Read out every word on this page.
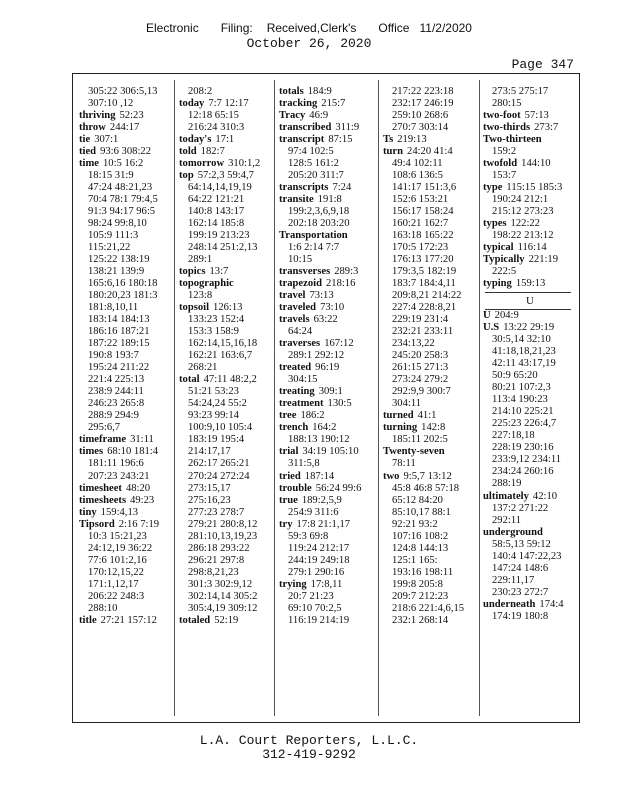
Electronic Filing: Received,Clerk's Office 11/2/2020
October 26, 2020
Page 347
305:22 306:5,13
307:10 ,12
thriving 52:23
throw 244:17
tie 307:1
tied 93:6 308:22
time 10:5 16:2
18:15 31:9
47:24 48:21,23
70:4 78:1 79:4,5
91:3 94:17 96:5
98:24 99:8,10
105:9 111:3
115:21,22
125:22 138:19
138:21 139:9
165:6,16 180:18
180:20,23 181:3
181:8,10,11
183:14 184:13
186:16 187:21
187:22 189:15
190:8 193:7
195:24 211:22
221:4 225:13
238:9 244:11
246:23 265:8
288:9 294:9
295:6,7
timeframe 31:11
times 68:10 181:4
181:11 196:6
207:23 243:21
timesheet 48:20
timesheets 49:23
tiny 159:4,13
Tipsord 2:16 7:19
10:3 15:21,23
24:12,19 36:22
77:6 101:2,16
170:12,15,22
171:1,12,17
206:22 248:3
288:10
title 27:21 157:12
208:2
today 7:7 12:17
12:18 65:15
216:24 310:3
today's 17:1
told 182:7
tomorrow 310:1,2
top 57:2,3 59:4,7
64:14,14,19,19
64:22 121:21
140:8 143:17
162:14 185:8
199:19 213:23
248:14 251:2,13
289:1
topics 13:7
topographic
123:8
topsoil 126:13
133:23 152:4
153:3 158:9
162:14,15,16,18
162:21 163:6,7
268:21
total 47:11 48:2,2
51:21 53:23
54:24,24 55:2
93:23 99:14
100:9,10 105:4
183:19 195:4
214:17,17
262:17 265:21
270:24 272:24
273:15,17
275:16,23
277:23 278:7
279:21 280:8,12
281:10,13,19,23
286:18 293:22
296:21 297:8
298:8,21,23
301:3 302:9,12
302:14,14 305:2
305:4,19 309:12
totaled 52:19
totals 184:9
tracking 215:7
Tracy 46:9
transcribed 311:9
transcript 87:15
97:4 102:5
128:5 161:2
205:20 311:7
transcripts 7:24
transite 191:8
199:2,3,6,9,18
202:18 203:20
Transportation
1:6 2:14 7:7
10:15
transverses 289:3
trapezoid 218:16
travel 73:13
traveled 73:10
travels 63:22
64:24
traverses 167:12
289:1 292:12
treated 96:19
304:15
treating 309:1
treatment 130:5
tree 186:2
trench 164:2
188:13 190:12
trial 34:19 105:10
311:5,8
tried 187:14
trouble 56:24 99:6
true 189:2,5,9
254:9 311:6
try 17:8 21:1,17
59:3 69:8
119:24 212:17
244:19 249:18
279:1 290:16
trying 17:8,11
20:7 21:23
69:10 70:2,5
116:19 214:19
217:22 223:18
232:17 246:19
259:10 268:6
270:7 303:14
Ts 219:13
turn 24:20 41:4
49:4 102:11
108:6 136:5
141:17 151:3,6
152:6 153:21
156:17 158:24
160:21 162:7
163:18 165:22
170:5 172:23
176:13 177:20
179:3,5 182:19
183:7 184:4,11
209:8,21 214:22
227:4 228:8,21
229:19 231:4
232:21 233:11
234:13,22
245:20 258:3
261:15 271:3
273:24 279:2
292:9,9 300:7
304:11
turned 41:1
turning 142:8
185:11 202:5
Twenty-seven
78:11
two 9:5,7 13:12
45:8 46:8 57:18
65:12 84:20
85:10,17 88:1
92:21 93:2
107:16 108:2
124:8 144:13
125:1 165:
193:16 198:11
199:8 205:8
209:7 212:23
218:6 221:4,6,15
232:1 268:14
273:5 275:17
280:15
two-foot 57:13
two-thirds 273:7
Two-thirteen
159:2
twofold 144:10
153:7
type 115:15 185:3
190:24 212:1
215:12 273:23
types 122:22
198:22 213:12
typical 116:14
Typically 221:19
222:5
typing 159:13
U
U 204:9
U.S 13:22 29:19
30:5,14 32:10
41:18,18,21,23
42:11 43:17,19
50:9 65:20
80:21 107:2,3
113:4 190:23
214:10 225:21
225:23 226:4,7
227:18,18
228:19 230:16
233:9,12 234:11
234:24 260:16
288:19
ultimately 42:10
137:2 271:22
292:11
underground
58:5,13 59:12
140:4 147:22,23
147:24 148:6
229:11,17
230:23 272:7
underneath 174:4
174:19 180:8
L.A. Court Reporters, L.L.C.
312-419-9292
